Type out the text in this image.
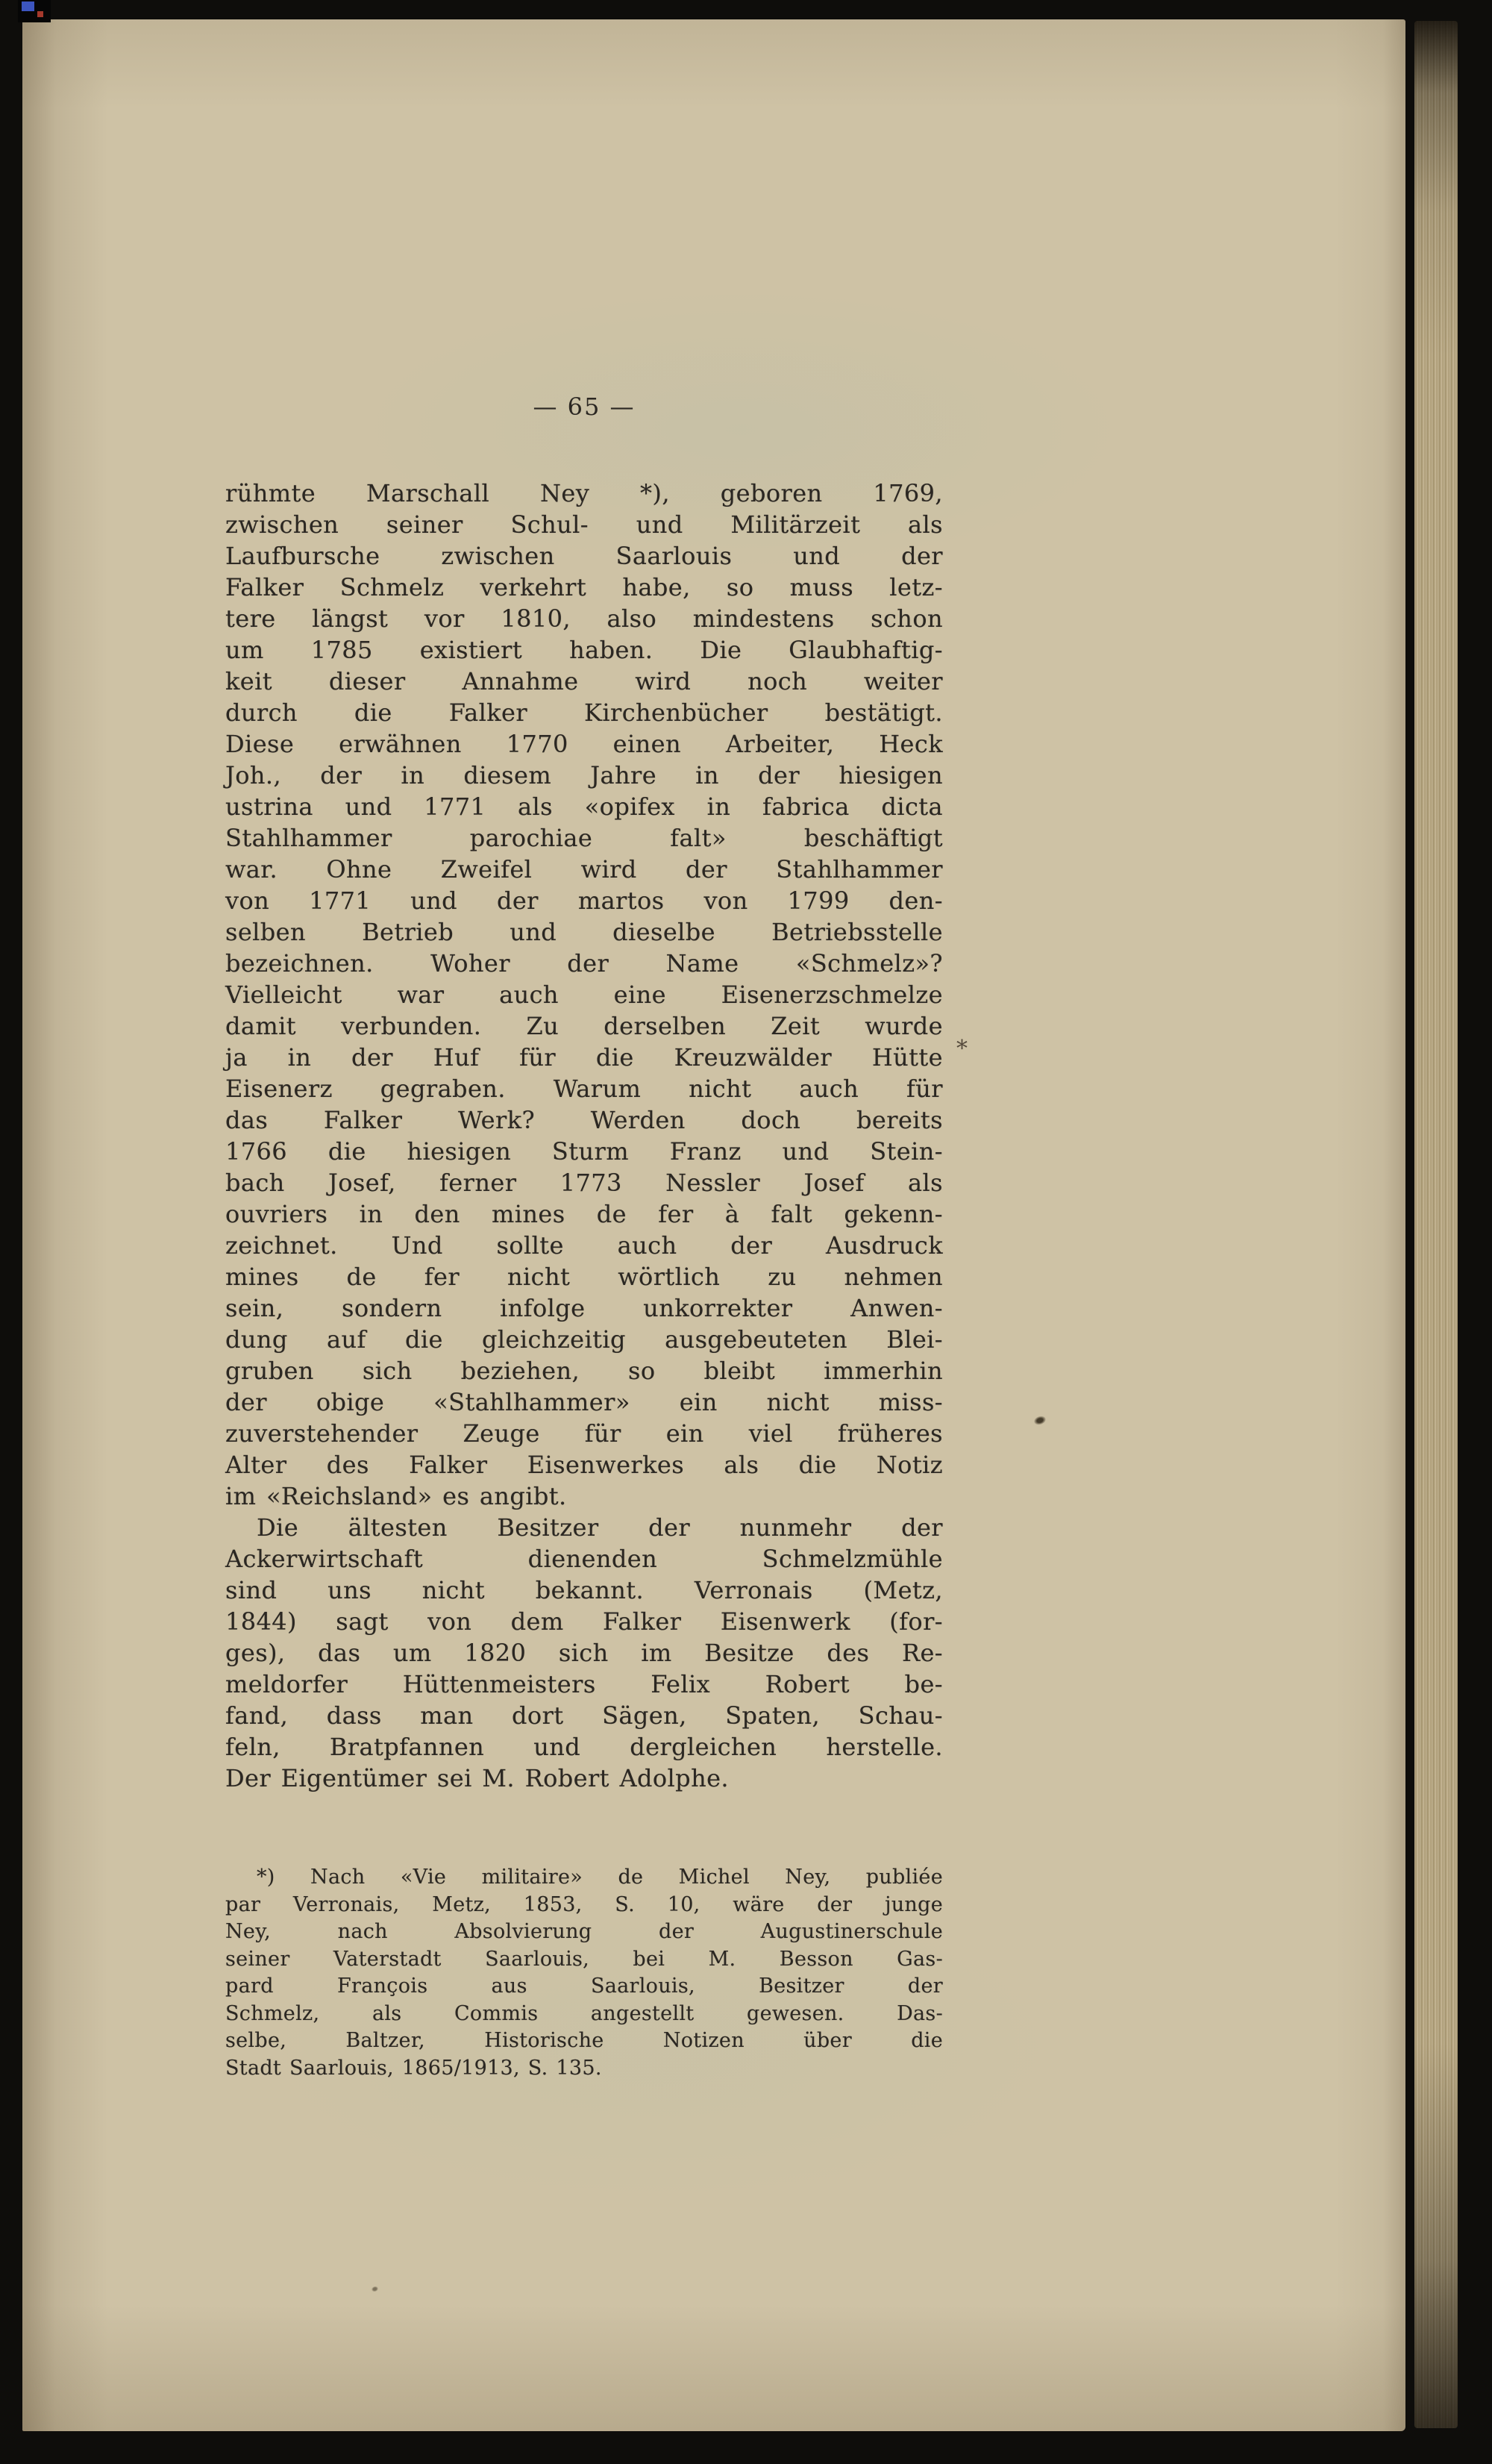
— 65 —
rühmte Marschall Ney *), geboren 1769,
zwischen seiner Schul- und Militärzeit als
Laufbursche zwischen Saarlouis und der
Falker Schmelz verkehrt habe, so muss letz-
tere längst vor 1810, also mindestens schon
um 1785 existiert haben. Die Glaubhaftig-
keit dieser Annahme wird noch weiter
durch die Falker Kirchenbücher bestätigt.
Diese erwähnen 1770 einen Arbeiter, Heck
Joh., der in diesem Jahre in der hiesigen
ustrina und 1771 als «opifex in fabrica dicta
Stahlhammer parochiae falt» beschäftigt
war. Ohne Zweifel wird der Stahlhammer
von 1771 und der martos von 1799 den-
selben Betrieb und dieselbe Betriebsstelle
bezeichnen. Woher der Name «Schmelz»?
Vielleicht war auch eine Eisenerzschmelze
damit verbunden. Zu derselben Zeit wurde
ja in der Huf für die Kreuzwälder Hütte
Eisenerz gegraben. Warum nicht auch für
das Falker Werk? Werden doch bereits
1766 die hiesigen Sturm Franz und Stein-
bach Josef, ferner 1773 Nessler Josef als
ouvriers in den mines de fer à falt gekenn-
zeichnet. Und sollte auch der Ausdruck
mines de fer nicht wörtlich zu nehmen
sein, sondern infolge unkorrekter Anwen-
dung auf die gleichzeitig ausgebeuteten Blei-
gruben sich beziehen, so bleibt immerhin
der obige «Stahlhammer» ein nicht miss-
zuverstehender Zeuge für ein viel früheres
Alter des Falker Eisenwerkes als die Notiz
im «Reichsland» es angibt.
Die ältesten Besitzer der nunmehr der
Ackerwirtschaft dienenden Schmelzmühle
sind uns nicht bekannt. Verronais (Metz,
1844) sagt von dem Falker Eisenwerk (for-
ges), das um 1820 sich im Besitze des Re-
meldorfer Hüttenmeisters Felix Robert be-
fand, dass man dort Sägen, Spaten, Schau-
feln, Bratpfannen und dergleichen herstelle.
Der Eigentümer sei M. Robert Adolphe.
*
*) Nach «Vie militaire» de Michel Ney, publiée
par Verronais, Metz, 1853, S. 10, wäre der junge
Ney, nach Absolvierung der Augustinerschule
seiner Vaterstadt Saarlouis, bei M. Besson Gas-
pard François aus Saarlouis, Besitzer der
Schmelz, als Commis angestellt gewesen. Das-
selbe, Baltzer, Historische Notizen über die
Stadt Saarlouis, 1865/1913, S. 135.
